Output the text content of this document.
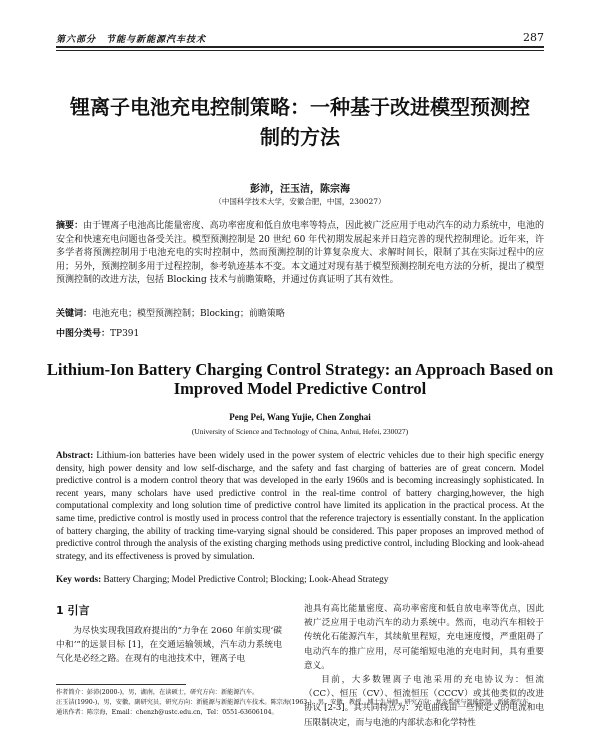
第六部分　节能与新能源汽车技术	287
锂离子电池充电控制策略：一种基于改进模型预测控制的方法
彭沛，汪玉洁，陈宗海
（中国科学技术大学，安徽合肥，中国，230027）
摘要：由于锂离子电池高比能量密度、高功率密度和低自放电率等特点，因此被广泛应用于电动汽车的动力系统中，电池的安全和快速充电问题也备受关注。模型预测控制是 20 世纪 60 年代初期发展起来并日趋完善的现代控制理论。近年来，许多学者将预测控制用于电池充电的实时控制中，然而预测控制的计算复杂度大、求解时间长，限制了其在实际过程中的应用；另外，预测控制多用于过程控制，参考轨迹基本不变。本文通过对现有基于模型预测控制充电方法的分析，提出了模型预测控制的改进方法，包括 Blocking 技术与前瞻策略，并通过仿真证明了其有效性。
关键词：电池充电；模型预测控制；Blocking；前瞻策略
中图分类号：TP391
Lithium-Ion Battery Charging Control Strategy: an Approach Based on Improved Model Predictive Control
Peng Pei, Wang Yujie, Chen Zonghai
(University of Science and Technology of China, Anhui, Hefei, 230027)
Abstract: Lithium-ion batteries have been widely used in the power system of electric vehicles due to their high specific energy density, high power density and low self-discharge, and the safety and fast charging of batteries are of great concern. Model predictive control is a modern control theory that was developed in the early 1960s and is becoming increasingly sophisticated. In recent years, many scholars have used predictive control in the real-time control of battery charging,however, the high computational complexity and long solution time of predictive control have limited its application in the practical process. At the same time, predictive control is mostly used in process control that the reference trajectory is essentially constant. In the application of battery charging, the ability of tracking time-varying signal should be considered. This paper proposes an improved method of predictive control through the analysis of the existing charging methods using predictive control, including Blocking and look-ahead strategy, and its effectiveness is proved by simulation.
Key words: Battery Charging; Model Predictive Control; Blocking; Look-Ahead Strategy

1 引言

为尽快实现我国政府提出的“力争在 2060 年前实现‘碳中和’”的远景目标 [1]，在交通运输领域，汽车动力系统电气化是必经之路。在现有的电池技术中，锂离子电

池具有高比能量密度、高功率密度和低自放电率等优点，因此被广泛应用于电动汽车的动力系统中。然而，电动汽车相较于传统化石能源汽车，其续航里程短，充电速度慢，严重阻碍了电动汽车的推广应用，尽可能缩短电池的充电时间，具有重要意义。

目前，大多数锂离子电池采用的充电协议为：恒流（CC）、恒压（CV）、恒流恒压（CCCV）或其他类似的改进协议 [2-3]。其共同特点为：充电曲线由一些预定义的电流和电压限制决定，而与电池的内部状态和化学特性

作者简介：彭沛(2000-)，男，湖南，在读硕士，研究方向：新能源汽车。
汪玉洁(1990-)，男，安徽，副研究员，研究方向：新能源与新能源汽车技术。陈宗海(1963-)，男，安徽，教授，博士生导师，研究方向：复杂系统与智能控制，新能源汽车。
通讯作者：陈宗海，Email：chenzh@ustc.edu.cn，Tel：0551-63606104。
